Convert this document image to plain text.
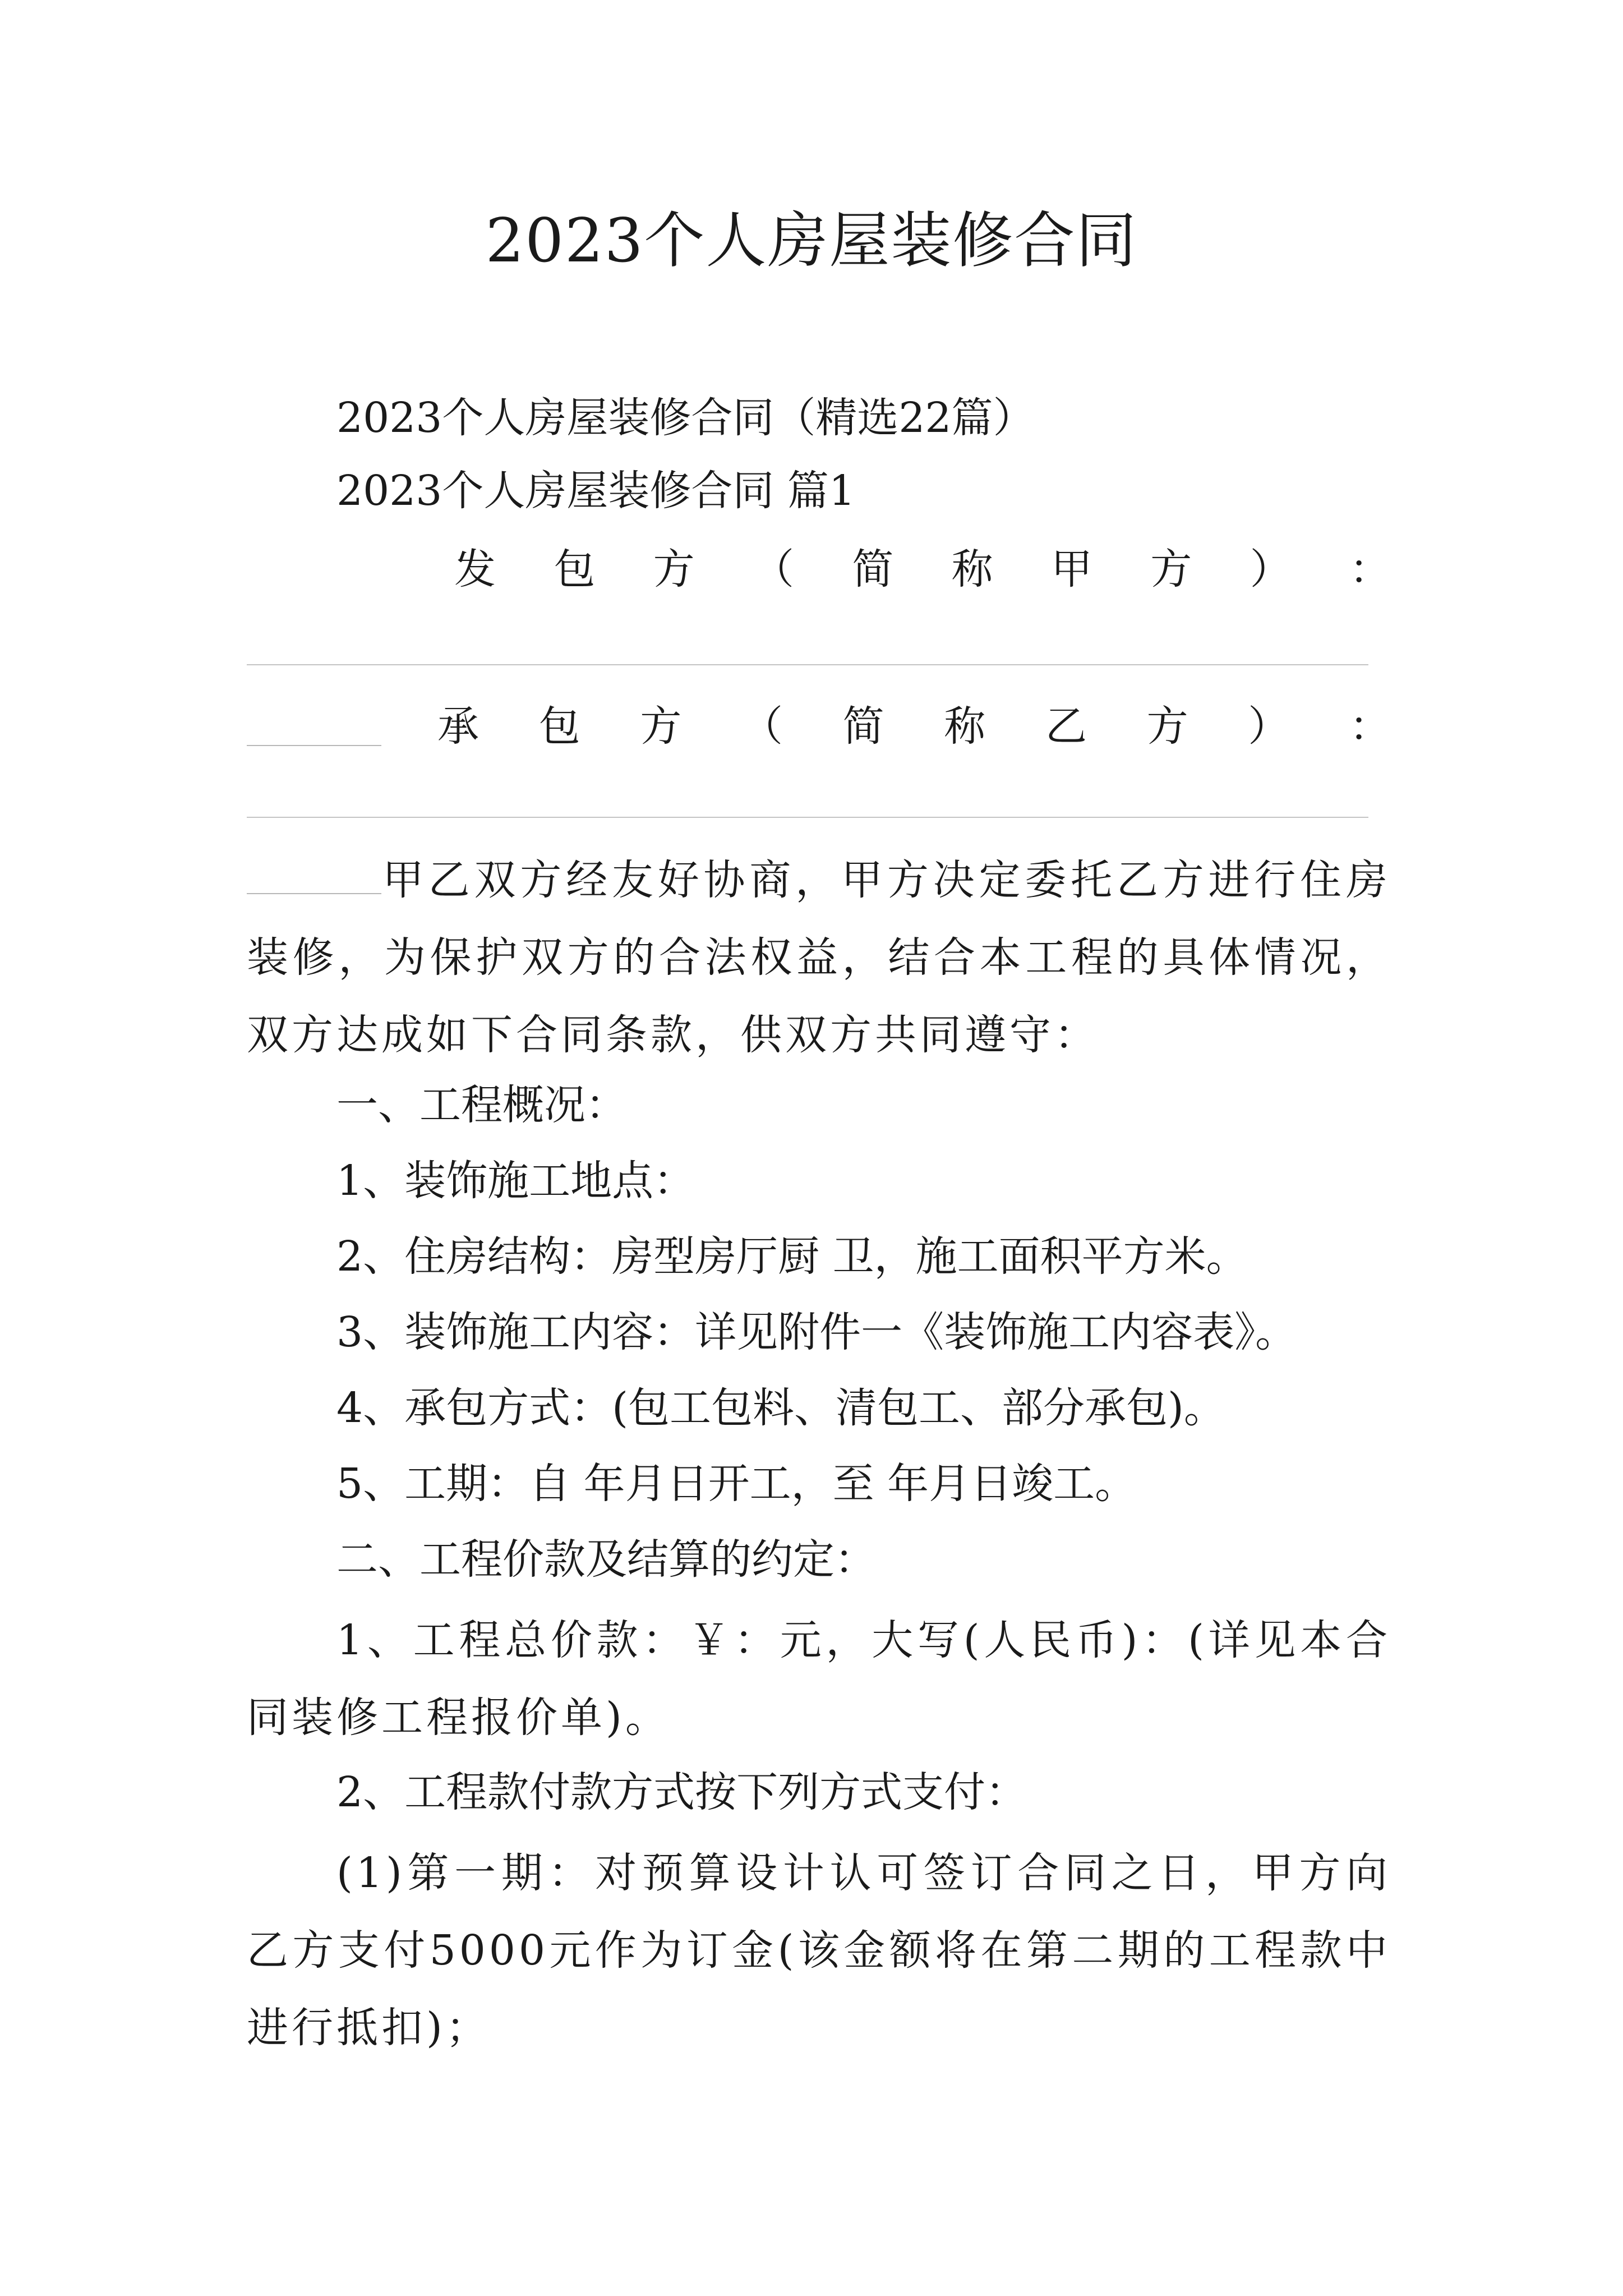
2023个人房屋装修合同

2023个人房屋装修合同（精选22篇）

2023个人房屋装修合同 篇1

发 包 方 （ 简 称 甲 方 ） ：
承 包 方 （ 简 称 乙 方 ） ：

甲乙双方经友好协商，甲方决定委托乙方进行住房装修，为保护双方的合法权益，结合本工程的具体情况，双方达成如下合同条款，供双方共同遵守：

一、工程概况：

1、装饰施工地点：

2、住房结构：房型房厅厨 卫，施工面积平方米。

3、装饰施工内容：详见附件一《装饰施工内容表》。

4、承包方式：(包工包料、清包工、部分承包)。

5、工期：自 年月日开工，至 年月日竣工。

二、工程价款及结算的约定：

1、工程总价款：￥：元，大写(人民币)：(详见本合同装修工程报价单)。

2、工程款付款方式按下列方式支付：

(1)第一期：对预算设计认可签订合同之日，甲方向乙方支付5000元作为订金(该金额将在第二期的工程款中进行抵扣)；
